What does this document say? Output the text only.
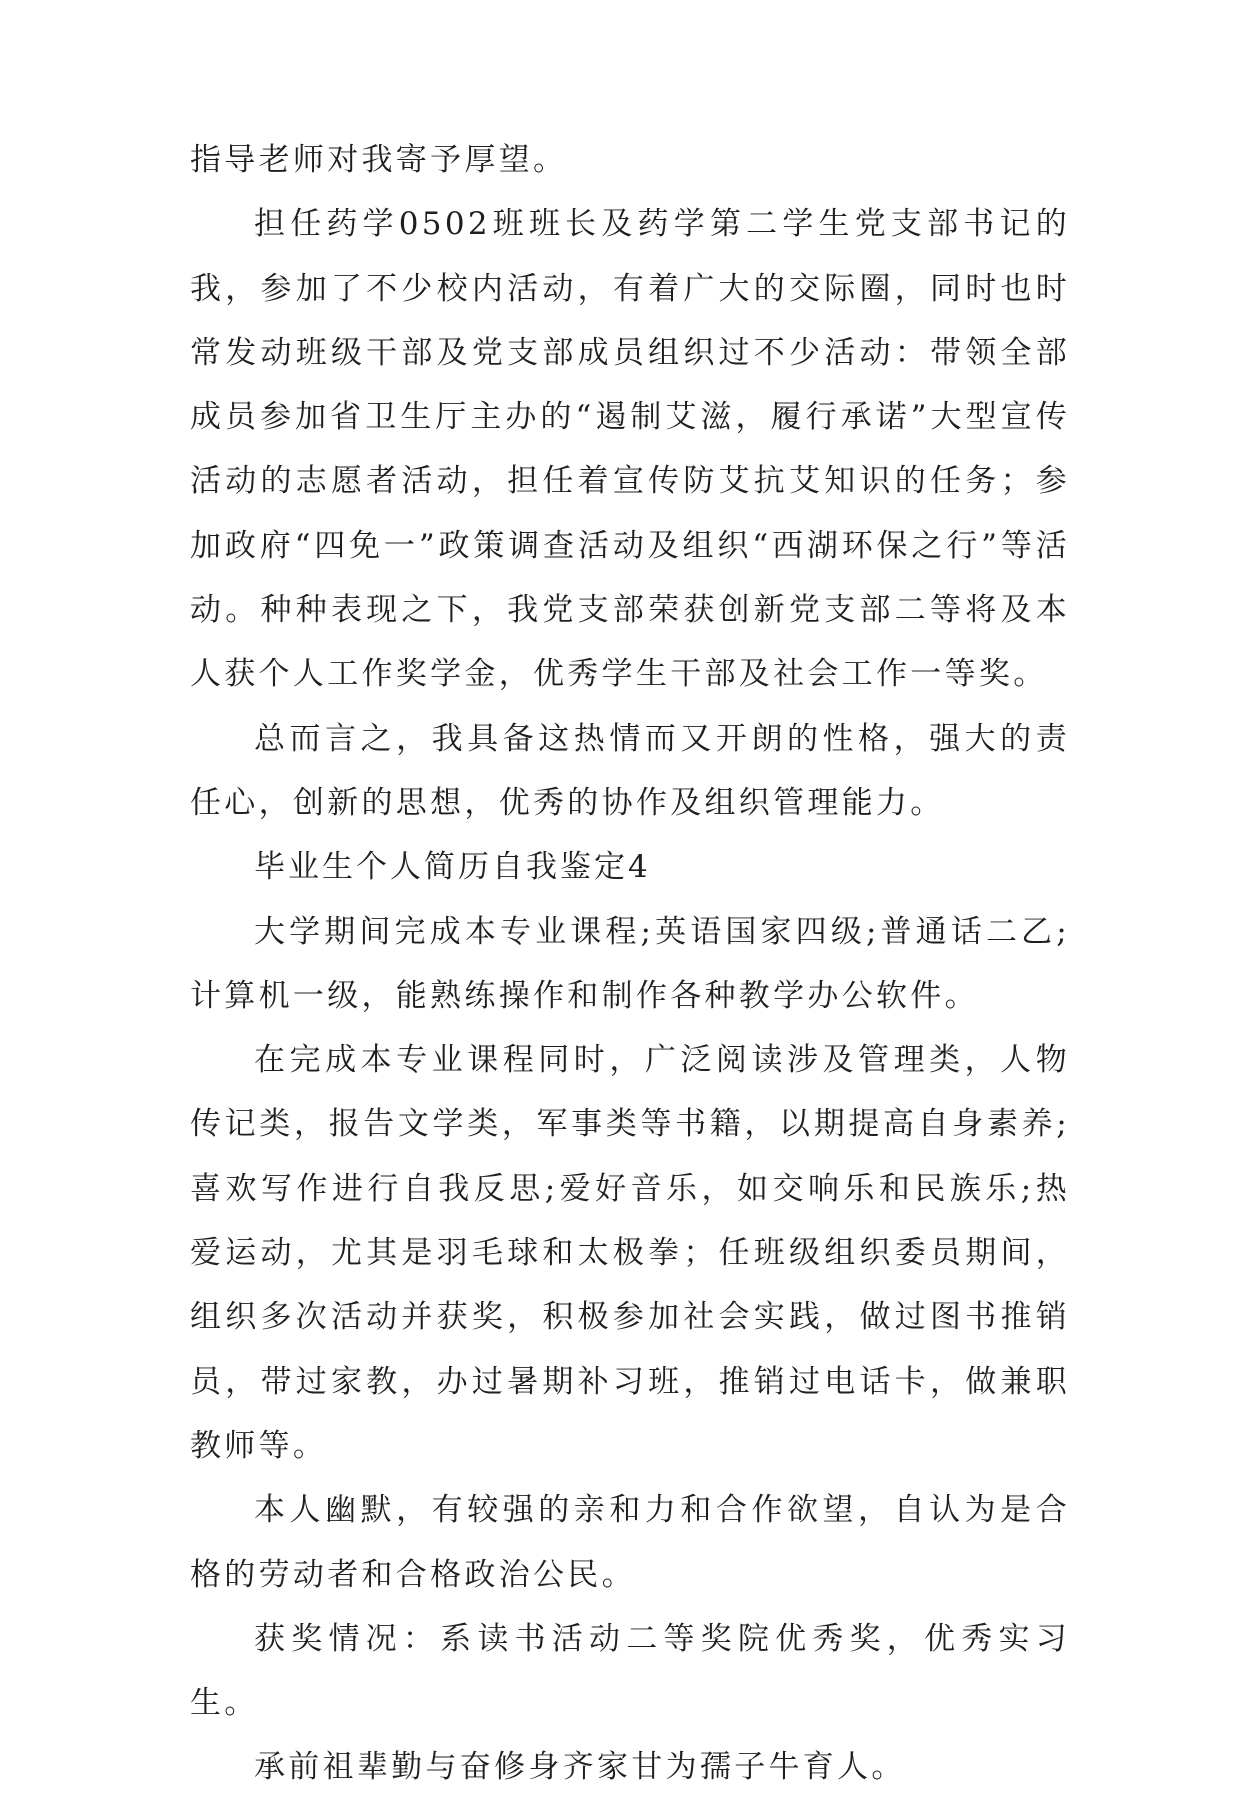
指导老师对我寄予厚望。

担任药学0502班班长及药学第二学生党支部书记的我，参加了不少校内活动，有着广大的交际圈，同时也时常发动班级干部及党支部成员组织过不少活动：带领全部成员参加省卫生厅主办的“遏制艾滋，履行承诺”大型宣传活动的志愿者活动，担任着宣传防艾抗艾知识的任务；参加政府“四免一”政策调查活动及组织“西湖环保之行”等活动。种种表现之下，我党支部荣获创新党支部二等将及本人获个人工作奖学金，优秀学生干部及社会工作一等奖。

总而言之，我具备这热情而又开朗的性格，强大的责任心，创新的思想，优秀的协作及组织管理能力。

毕业生个人简历自我鉴定4

大学期间完成本专业课程;英语国家四级;普通话二乙;计算机一级，能熟练操作和制作各种教学办公软件。

在完成本专业课程同时，广泛阅读涉及管理类，人物传记类，报告文学类，军事类等书籍，以期提高自身素养;喜欢写作进行自我反思;爱好音乐，如交响乐和民族乐;热爱运动，尤其是羽毛球和太极拳；任班级组织委员期间，组织多次活动并获奖，积极参加社会实践，做过图书推销员，带过家教，办过暑期补习班，推销过电话卡，做兼职教师等。

本人幽默，有较强的亲和力和合作欲望，自认为是合格的劳动者和合格政治公民。

获奖情况：系读书活动二等奖院优秀奖，优秀实习生。

承前祖辈勤与奋修身齐家甘为孺子牛育人。
